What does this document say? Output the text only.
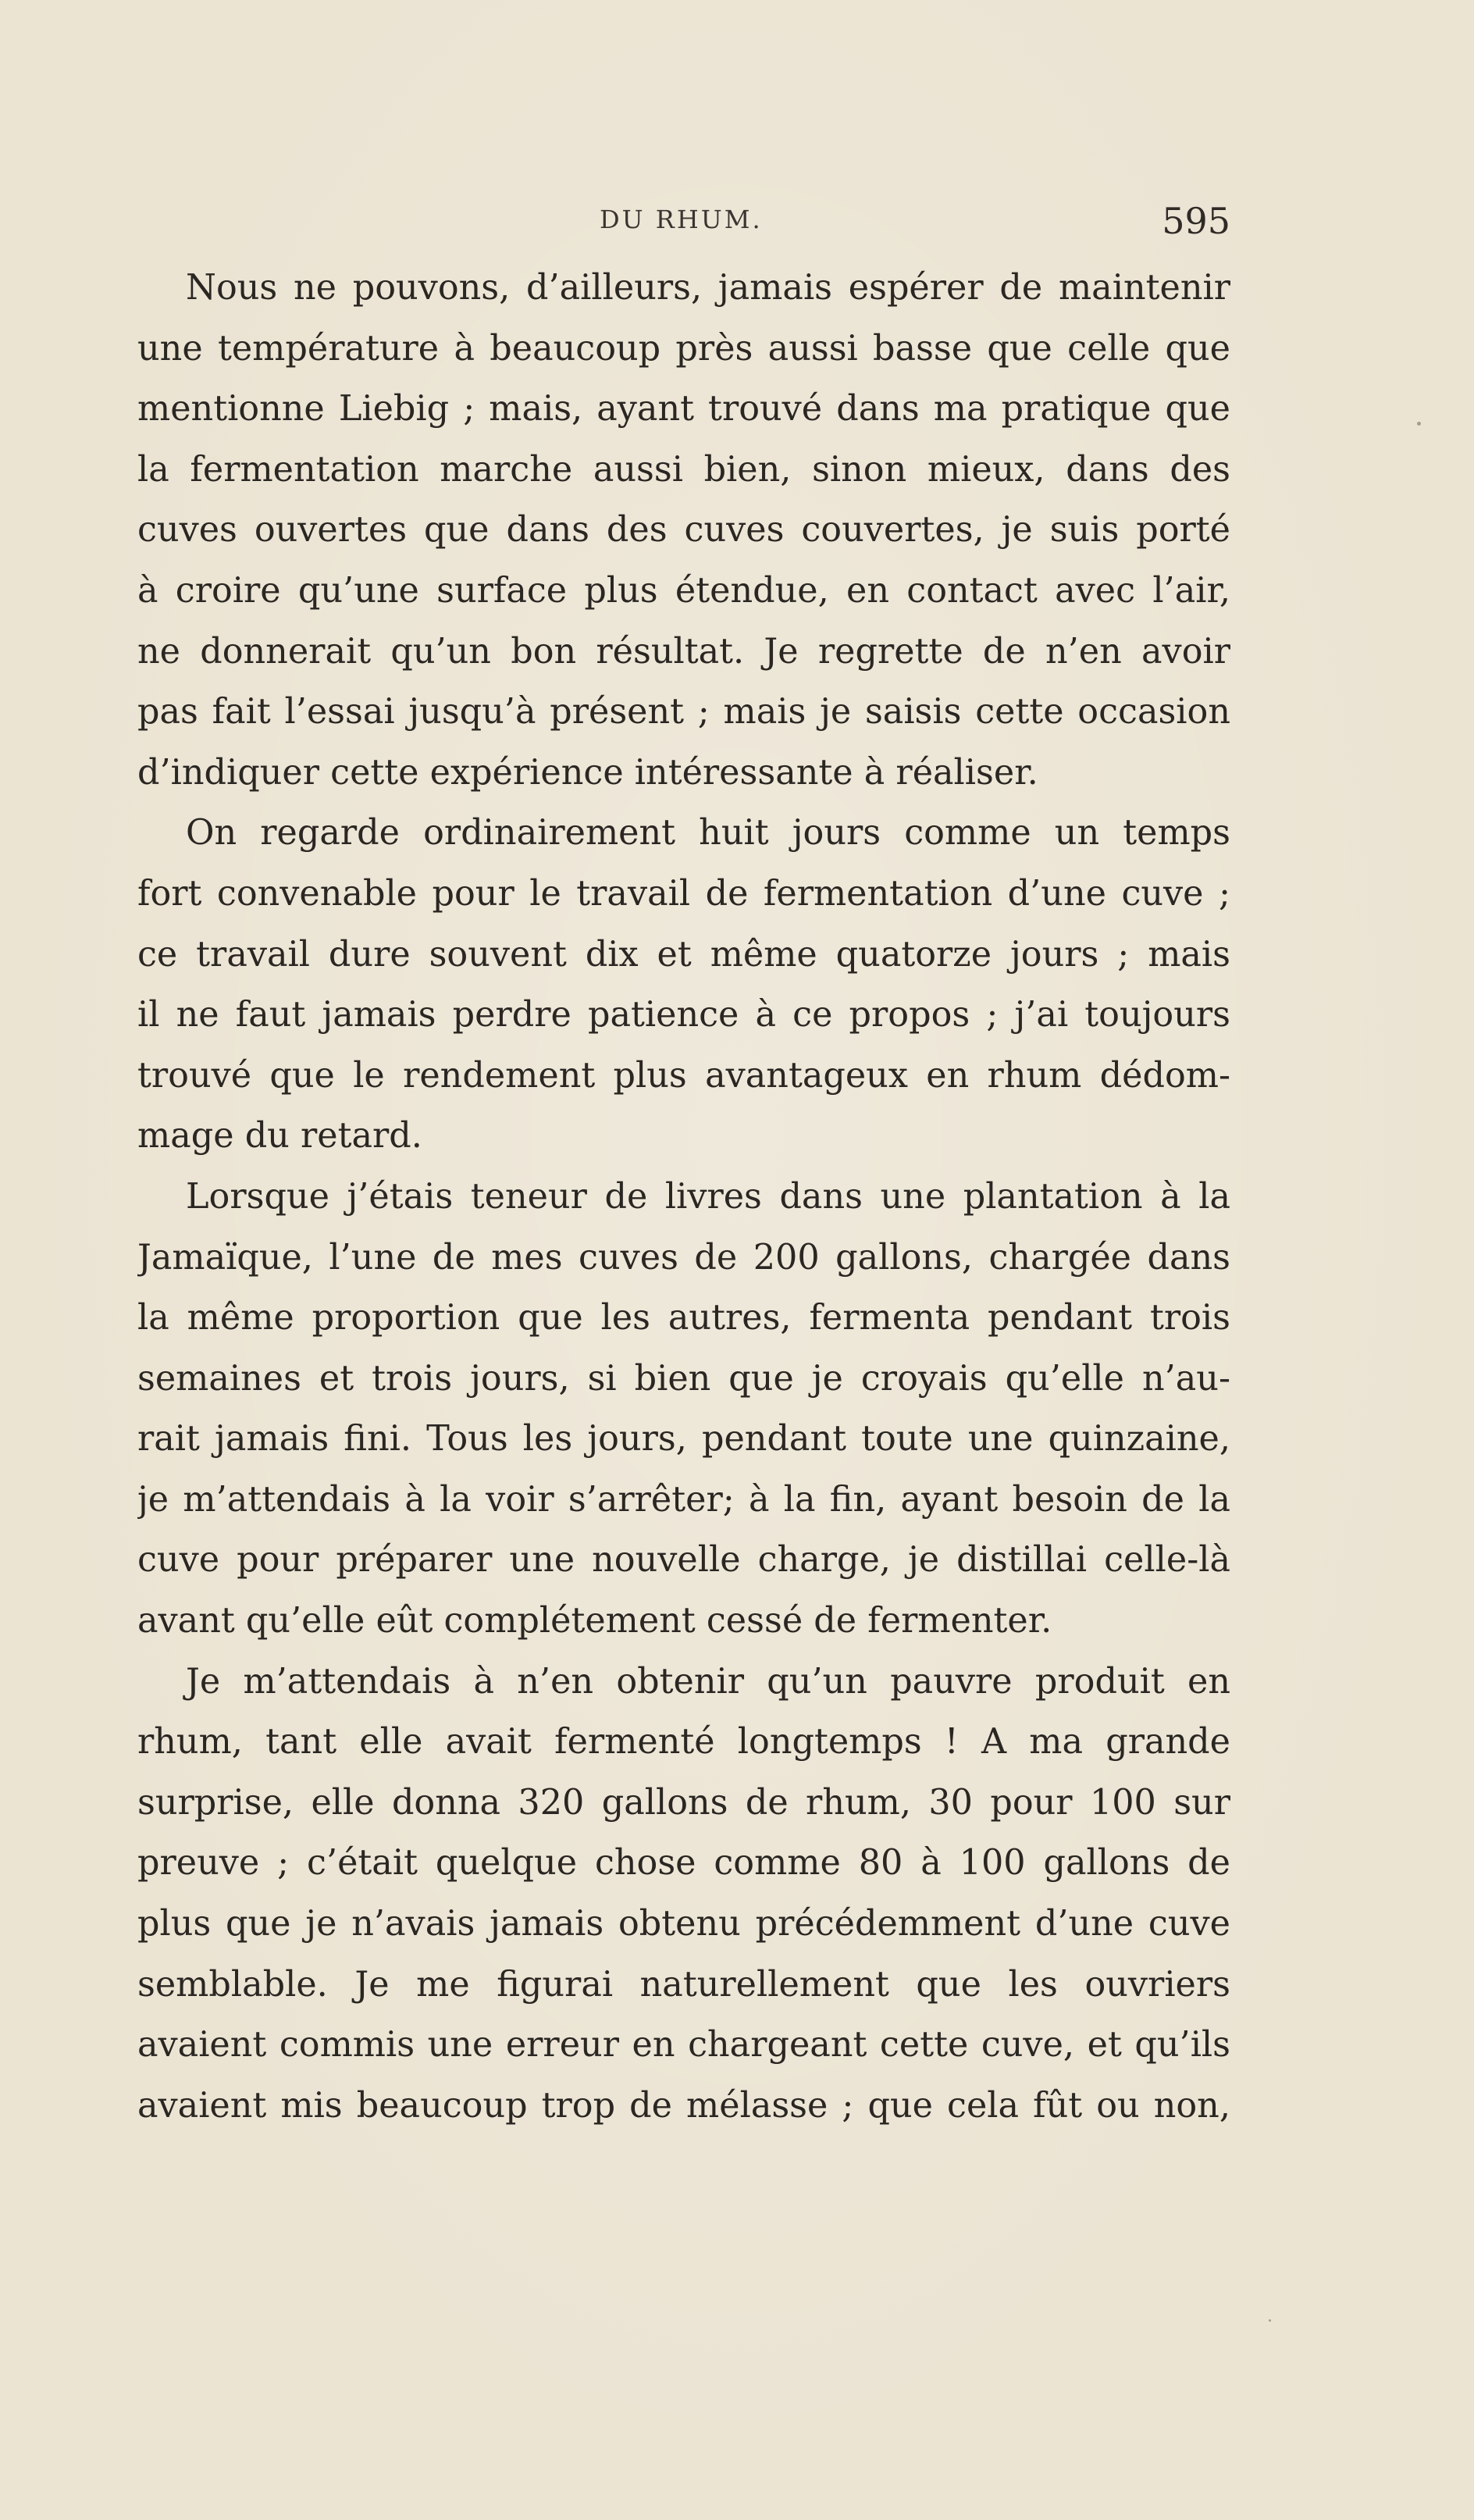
DU RHUM.	595
Nous ne pouvons, d’ailleurs, jamais espérer de maintenir
une température à beaucoup près aussi basse que celle que
mentionne Liebig ; mais, ayant trouvé dans ma pratique que
la fermentation marche aussi bien, sinon mieux, dans des
cuves ouvertes que dans des cuves couvertes, je suis porté
à croire qu’une surface plus étendue, en contact avec l’air,
ne donnerait qu’un bon résultat. Je regrette de n’en avoir
pas fait l’essai jusqu’à présent ; mais je saisis cette occasion
d’indiquer cette expérience intéressante à réaliser.
On regarde ordinairement huit jours comme un temps
fort convenable pour le travail de fermentation d’une cuve ;
ce travail dure souvent dix et même quatorze jours ; mais
il ne faut jamais perdre patience à ce propos ; j’ai toujours
trouvé que le rendement plus avantageux en rhum dédom-
mage du retard.
Lorsque j’étais teneur de livres dans une plantation à la
Jamaïque, l’une de mes cuves de 200 gallons, chargée dans
la même proportion que les autres, fermenta pendant trois
semaines et trois jours, si bien que je croyais qu’elle n’au-
rait jamais fini. Tous les jours, pendant toute une quinzaine,
je m’attendais à la voir s’arrêter; à la fin, ayant besoin de la
cuve pour préparer une nouvelle charge, je distillai celle-là
avant qu’elle eût complétement cessé de fermenter.
Je m’attendais à n’en obtenir qu’un pauvre produit en
rhum, tant elle avait fermenté longtemps ! A ma grande
surprise, elle donna 320 gallons de rhum, 30 pour 100 sur
preuve ; c’était quelque chose comme 80 à 100 gallons de
plus que je n’avais jamais obtenu précédemment d’une cuve
semblable. Je me figurai naturellement que les ouvriers
avaient commis une erreur en chargeant cette cuve, et qu’ils
avaient mis beaucoup trop de mélasse ; que cela fût ou non,
